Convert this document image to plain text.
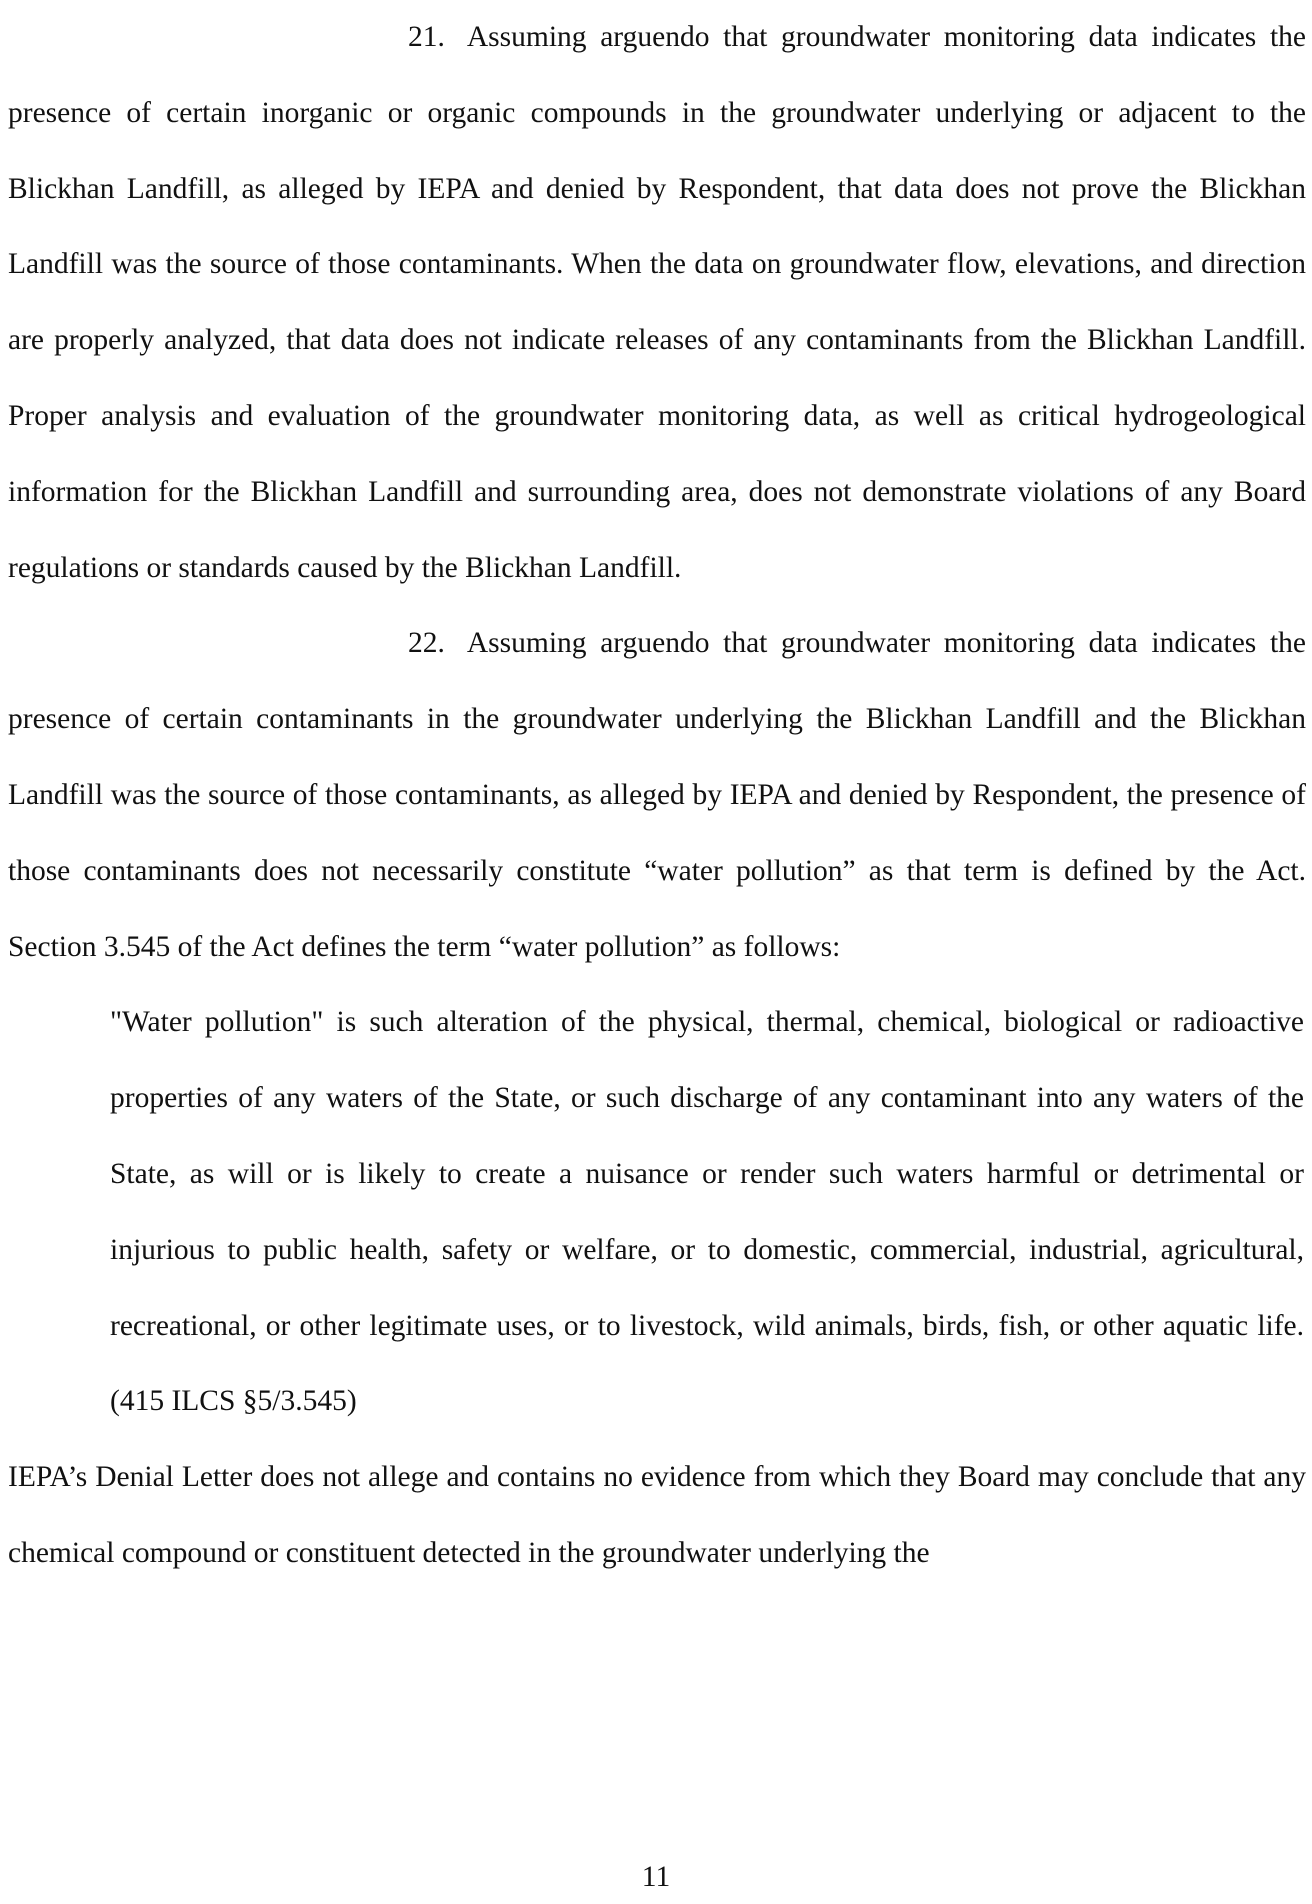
21. Assuming arguendo that groundwater monitoring data indicates the presence of certain inorganic or organic compounds in the groundwater underlying or adjacent to the Blickhan Landfill, as alleged by IEPA and denied by Respondent, that data does not prove the Blickhan Landfill was the source of those contaminants. When the data on groundwater flow, elevations, and direction are properly analyzed, that data does not indicate releases of any contaminants from the Blickhan Landfill. Proper analysis and evaluation of the groundwater monitoring data, as well as critical hydrogeological information for the Blickhan Landfill and surrounding area, does not demonstrate violations of any Board regulations or standards caused by the Blickhan Landfill.

22. Assuming arguendo that groundwater monitoring data indicates the presence of certain contaminants in the groundwater underlying the Blickhan Landfill and the Blickhan Landfill was the source of those contaminants, as alleged by IEPA and denied by Respondent, the presence of those contaminants does not necessarily constitute “water pollution” as that term is defined by the Act. Section 3.545 of the Act defines the term “water pollution” as follows:

"Water pollution" is such alteration of the physical, thermal, chemical, biological or radioactive properties of any waters of the State, or such discharge of any contaminant into any waters of the State, as will or is likely to create a nuisance or render such waters harmful or detrimental or injurious to public health, safety or welfare, or to domestic, commercial, industrial, agricultural, recreational, or other legitimate uses, or to livestock, wild animals, birds, fish, or other aquatic life. (415 ILCS §5/3.545)

IEPA’s Denial Letter does not allege and contains no evidence from which they Board may conclude that any chemical compound or constituent detected in the groundwater underlying the

11
